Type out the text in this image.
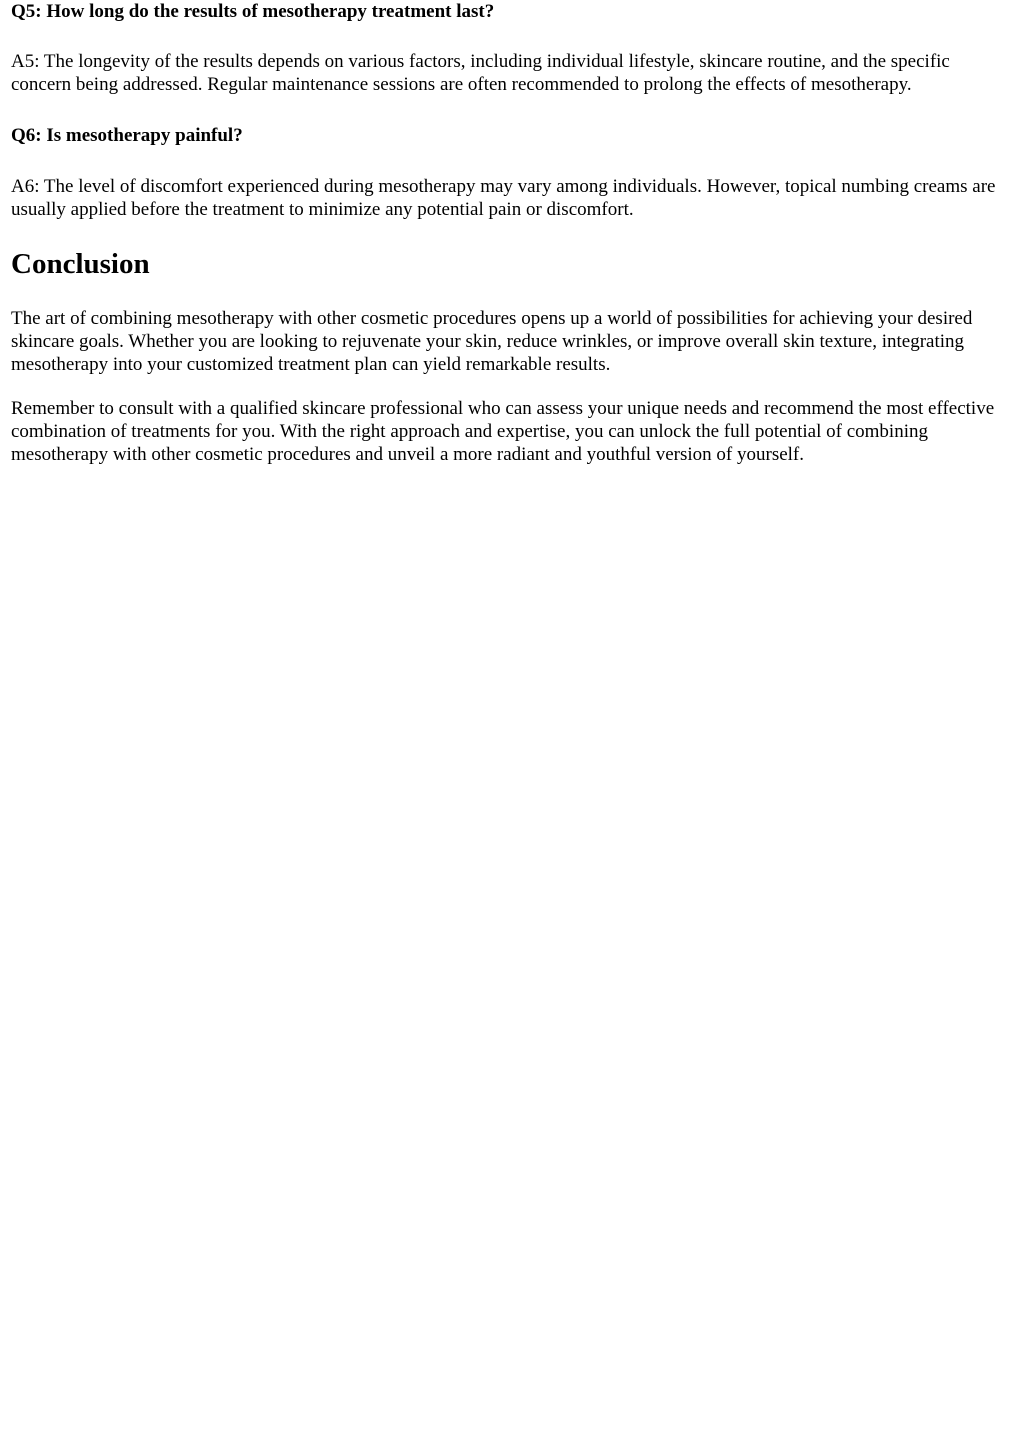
Q5: How long do the results of mesotherapy treatment last?

A5: The longevity of the results depends on various factors, including individual lifestyle, skincare routine, and the specific concern being addressed. Regular maintenance sessions are often recommended to prolong the effects of mesotherapy.

Q6: Is mesotherapy painful?

A6: The level of discomfort experienced during mesotherapy may vary among individuals. However, topical numbing creams are usually applied before the treatment to minimize any potential pain or discomfort.

Conclusion

The art of combining mesotherapy with other cosmetic procedures opens up a world of possibilities for achieving your desired skincare goals. Whether you are looking to rejuvenate your skin, reduce wrinkles, or improve overall skin texture, integrating mesotherapy into your customized treatment plan can yield remarkable results.

Remember to consult with a qualified skincare professional who can assess your unique needs and recommend the most effective combination of treatments for you. With the right approach and expertise, you can unlock the full potential of combining mesotherapy with other cosmetic procedures and unveil a more radiant and youthful version of yourself.
